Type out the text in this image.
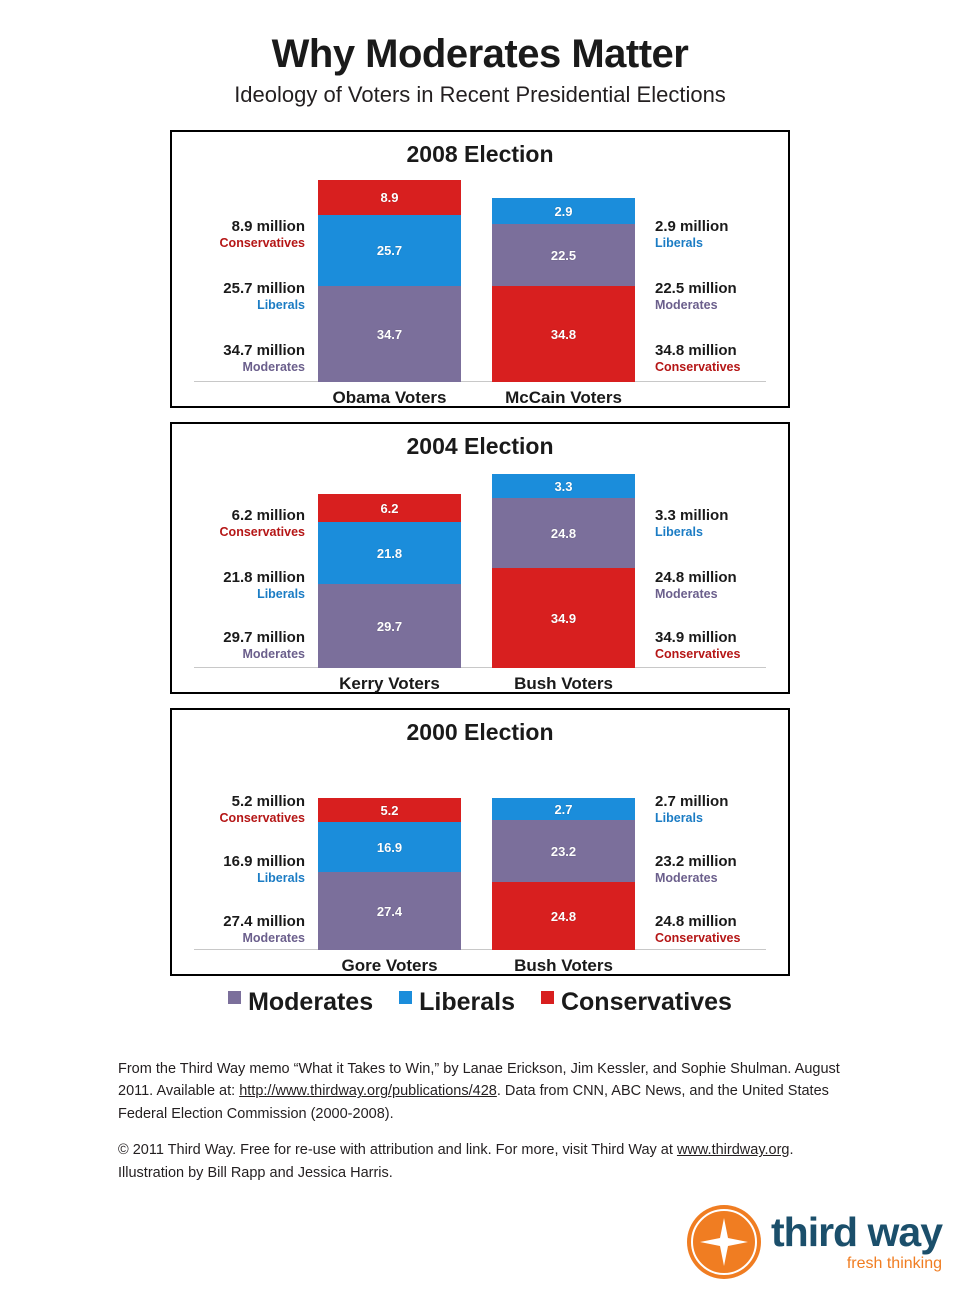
Why Moderates Matter
Ideology of Voters in Recent Presidential Elections
2008 Election
8.9 million
Conservatives
25.7 million
Liberals
34.7 million
Moderates
2.9 million
Liberals
22.5 million
Moderates
34.8 million
Conservatives
8.9
25.7
34.7
Obama Voters
2.9
22.5
34.8
McCain Voters
2004 Election
6.2 million
Conservatives
21.8 million
Liberals
29.7 million
Moderates
3.3 million
Liberals
24.8 million
Moderates
34.9 million
Conservatives
6.2
21.8
29.7
Kerry Voters
3.3
24.8
34.9
Bush Voters
2000 Election
5.2 million
Conservatives
16.9 million
Liberals
27.4 million
Moderates
2.7 million
Liberals
23.2 million
Moderates
24.8 million
Conservatives
5.2
16.9
27.4
Gore Voters
2.7
23.2
24.8
Bush Voters
Moderates Liberals Conservatives

From the Third Way memo “What it Takes to Win,” by Lanae Erickson, Jim Kessler, and Sophie Shulman. August 2011. Available at: http://www.thirdway.org/publications/428. Data from CNN, ABC News, and the United States Federal Election Commission (2000-2008).

© 2011 Third Way. Free for re-use with attribution and link. For more, visit Third Way at www.thirdway.org.
Illustration by Bill Rapp and Jessica Harris.

third way
fresh thinking
